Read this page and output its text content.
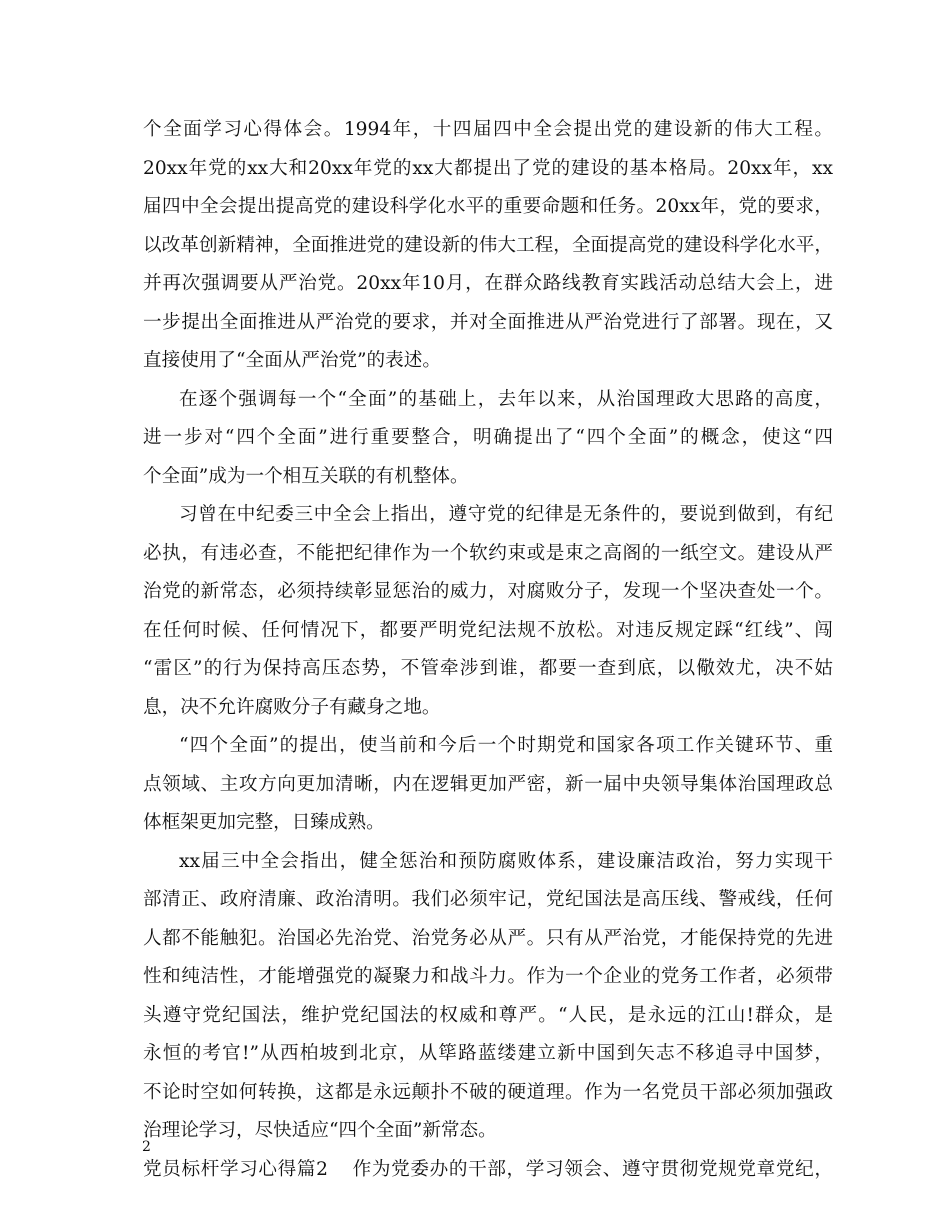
个全面学习心得体会。1994年，十四届四中全会提出党的建设新的伟大工程。
20xx年党的xx大和20xx年党的xx大都提出了党的建设的基本格局。20xx年，xx
届四中全会提出提高党的建设科学化水平的重要命题和任务。20xx年，党的要求，
以改革创新精神，全面推进党的建设新的伟大工程，全面提高党的建设科学化水平，
并再次强调要从严治党。20xx年10月，在群众路线教育实践活动总结大会上，进
一步提出全面推进从严治党的要求，并对全面推进从严治党进行了部署。现在，又
直接使用了“全面从严治党”的表述。
在逐个强调每一个“全面”的基础上，去年以来，从治国理政大思路的高度，
进一步对“四个全面”进行重要整合，明确提出了“四个全面”的概念，使这“四
个全面”成为一个相互关联的有机整体。
习曾在中纪委三中全会上指出，遵守党的纪律是无条件的，要说到做到，有纪
必执，有违必查，不能把纪律作为一个软约束或是束之高阁的一纸空文。建设从严
治党的新常态，必须持续彰显惩治的威力，对腐败分子，发现一个坚决查处一个。
在任何时候、任何情况下，都要严明党纪法规不放松。对违反规定踩“红线”、闯
“雷区”的行为保持高压态势，不管牵涉到谁，都要一查到底，以儆效尤，决不姑
息，决不允许腐败分子有藏身之地。
“四个全面”的提出，使当前和今后一个时期党和国家各项工作关键环节、重
点领域、主攻方向更加清晰，内在逻辑更加严密，新一届中央领导集体治国理政总
体框架更加完整，日臻成熟。
xx届三中全会指出，健全惩治和预防腐败体系，建设廉洁政治，努力实现干
部清正、政府清廉、政治清明。我们必须牢记，党纪国法是高压线、警戒线，任何
人都不能触犯。治国必先治党、治党务必从严。只有从严治党，才能保持党的先进
性和纯洁性，才能增强党的凝聚力和战斗力。作为一个企业的党务工作者，必须带
头遵守党纪国法，维护党纪国法的权威和尊严。“人民，是永远的江山!群众，是
永恒的考官!”从西柏坡到北京，从筚路蓝缕建立新中国到矢志不移追寻中国梦，
不论时空如何转换，这都是永远颠扑不破的硬道理。作为一名党员干部必须加强政
治理论学习，尽快适应“四个全面”新常态。
党员标杆学习心得篇2 作为党委办的干部，学习领会、遵守贯彻党规党章党纪，
2
